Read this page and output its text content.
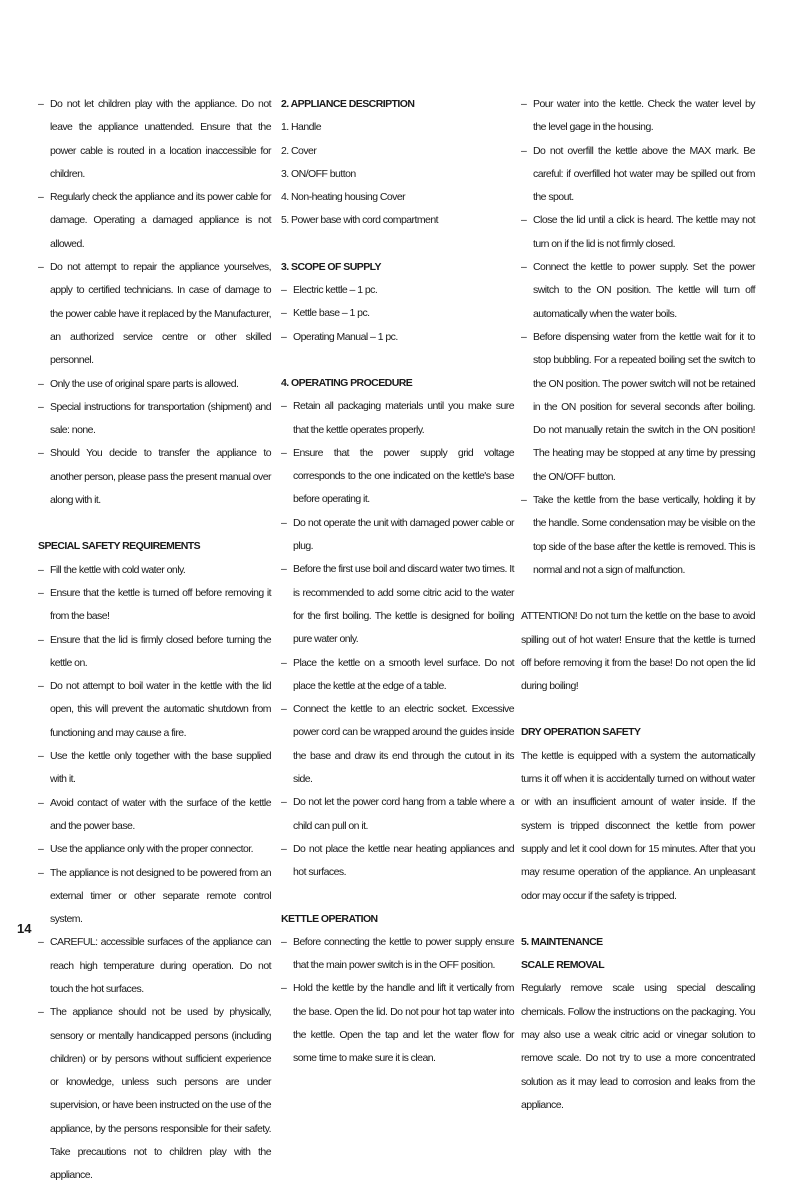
– Do not let children play with the appliance. Do not leave the appliance unattended. Ensure that the power cable is routed in a location inaccessible for children.
– Regularly check the appliance and its power cable for damage. Operating a damaged appliance is not allowed.
– Do not attempt to repair the appliance yourselves, apply to certified technicians. In case of damage to the power cable have it replaced by the Manufacturer, an authorized service centre or other skilled personnel.
– Only the use of original spare parts is allowed.
– Special instructions for transportation (shipment) and sale: none.
– Should You decide to transfer the appliance to another person, please pass the present manual over along with it.

SPECIAL SAFETY REQUIREMENTS

– Fill the kettle with cold water only.
– Ensure that the kettle is turned off before removing it from the base!
– Ensure that the lid is firmly closed before turning the kettle on.
– Do not attempt to boil water in the kettle with the lid open, this will prevent the automatic shutdown from functioning and may cause a fire.
– Use the kettle only together with the base supplied with it.
– Avoid contact of water with the surface of the kettle and the power base.
– Use the appliance only with the proper connector.
– The appliance is not designed to be powered from an external timer or other separate remote control system.
– CAREFUL: accessible surfaces of the appliance can reach high temperature during operation. Do not touch the hot surfaces.
– The appliance should not be used by physically, sensory or mentally handicapped persons (including children) or by persons without sufficient experience or knowledge, unless such persons are under supervision, or have been instructed on the use of the appliance, by the persons responsible for their safety. Take precautions not to children play with the appliance.

2. APPLIANCE DESCRIPTION

1. Handle

2. Cover

3. ON/OFF button

4. Non-heating housing Cover

5. Power base with cord compartment

3. SCOPE OF SUPPLY

– Electric kettle – 1 pc.
– Kettle base – 1 pc.
– Operating Manual – 1 pc.

4. OPERATING PROCEDURE

– Retain all packaging materials until you make sure that the kettle operates properly.
– Ensure that the power supply grid voltage corresponds to the one indicated on the kettle's base before operating it.
– Do not operate the unit with damaged power cable or plug.
– Before the first use boil and discard water two times. It is recommended to add some citric acid to the water for the first boiling. The kettle is designed for boiling pure water only.
– Place the kettle on a smooth level surface. Do not place the kettle at the edge of a table.
– Connect the kettle to an electric socket. Excessive power cord can be wrapped around the guides inside the base and draw its end through the cutout in its side.
– Do not let the power cord hang from a table where a child can pull on it.
– Do not place the kettle near heating appliances and hot surfaces.

KETTLE OPERATION

– Before connecting the kettle to power supply ensure that the main power switch is in the OFF position.
– Hold the kettle by the handle and lift it vertically from the base. Open the lid. Do not pour hot tap water into the kettle. Open the tap and let the water flow for some time to make sure it is clean.
– Pour water into the kettle. Check the water level by the level gage in the housing.
– Do not overfill the kettle above the MAX mark. Be careful: if overfilled hot water may be spilled out from the spout.
– Close the lid until a click is heard. The kettle may not turn on if the lid is not firmly closed.
– Connect the kettle to power supply. Set the power switch to the ON position. The kettle will turn off automatically when the water boils.
– Before dispensing water from the kettle wait for it to stop bubbling. For a repeated boiling set the switch to the ON position. The power switch will not be retained in the ON position for several seconds after boiling. Do not manually retain the switch in the ON position! The heating may be stopped at any time by pressing the ON/OFF button.
– Take the kettle from the base vertically, holding it by the handle. Some condensation may be visible on the top side of the base after the kettle is removed. This is normal and not a sign of malfunction.

ATTENTION! Do not turn the kettle on the base to avoid spilling out of hot water! Ensure that the kettle is turned off before removing it from the base! Do not open the lid during boiling!

DRY OPERATION SAFETY

The kettle is equipped with a system the automatically turns it off when it is accidentally turned on without water or with an insufficient amount of water inside. If the system is tripped disconnect the kettle from power supply and let it cool down for 15 minutes. After that you may resume operation of the appliance. An unpleasant odor may occur if the safety is tripped.

5. MAINTENANCE

SCALE REMOVAL

Regularly remove scale using special descaling chemicals. Follow the instructions on the packaging. You may also use a weak citric acid or vinegar solution to remove scale. Do not try to use a more concentrated solution as it may lead to corrosion and leaks from the appliance.

14
